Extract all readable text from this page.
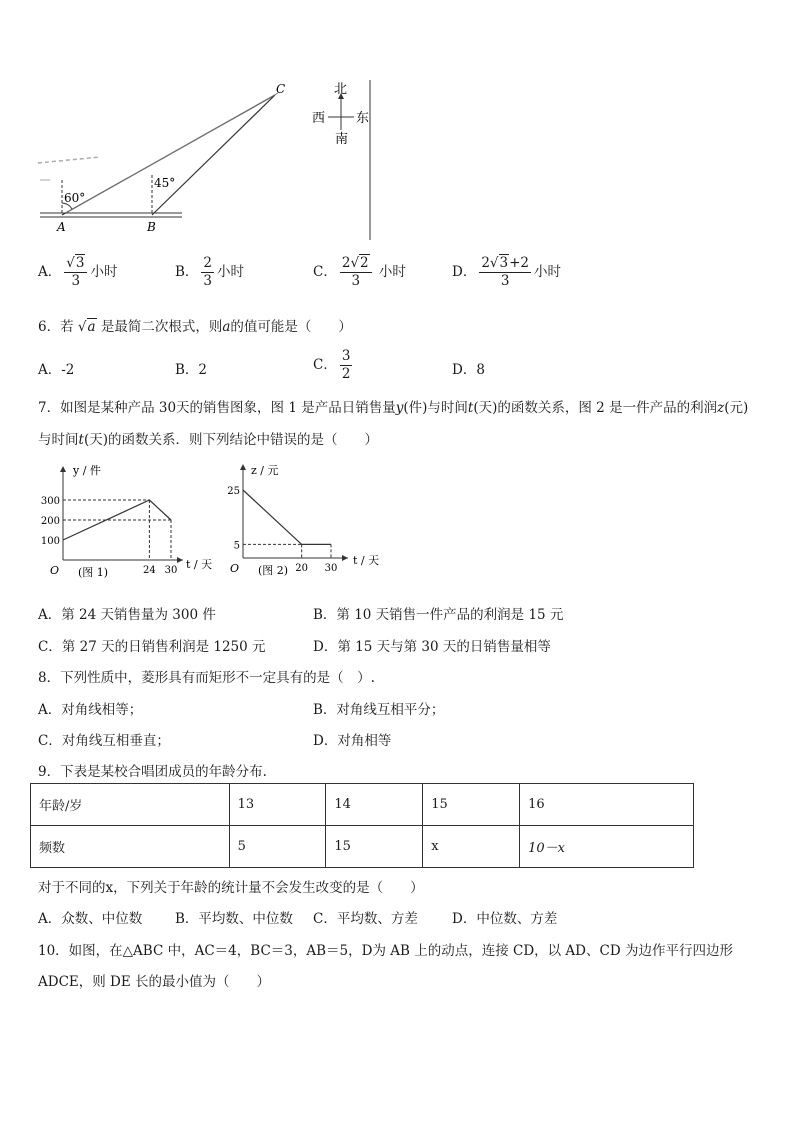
60°
45°
A	B
C	北
南
西 东
A． $\frac{√3}{3}$ 小时	B． $\frac{2}{3}$ 小时	C． $\frac{2√2}{3}$ 小时	D． $\frac{2√3+2}{3}$ 小时
6．若 √a 是最简二次根式，则a的值可能是（　　）
A．-2	B．2	C． $\frac{3}{2}$	D．8
7．如图是某种产品 30天的销售图象，图 1 是产品日销售量y(件)与时间t(天)的函数关系，图 2 是一件产品的利润z(元)
与时间t(天)的函数关系．则下列结论中错误的是（　　）
y / 件
t / 天
O (图 1)
100
200
300
24 30
z / 元
t / 天
O (图 2)
5
25
20 30
A．第 24 天销售量为 300 件	B．第 10 天销售一件产品的利润是 15 元
C．第 27 天的日销售利润是 1250 元	D．第 15 天与第 30 天的日销售量相等
8．下列性质中，菱形具有而矩形不一定具有的是（　）.
A．对角线相等；	B．对角线互相平分；
C．对角线互相垂直；	D．对角相等
9．下表是某校合唱团成员的年龄分布.
年龄/岁	13	14	15	16
频数	5	15	x	10－x
对于不同的x，下列关于年龄的统计量不会发生改变的是（　　）
A．众数、中位数 B．平均数、中位数 C．平均数、方差	D．中位数、方差
10．如图，在△ABC 中，AC＝4，BC＝3，AB＝5，D为 AB 上的动点，连接 CD，以 AD、CD 为边作平行四边形
ADCE，则 DE 长的最小值为（　　）
